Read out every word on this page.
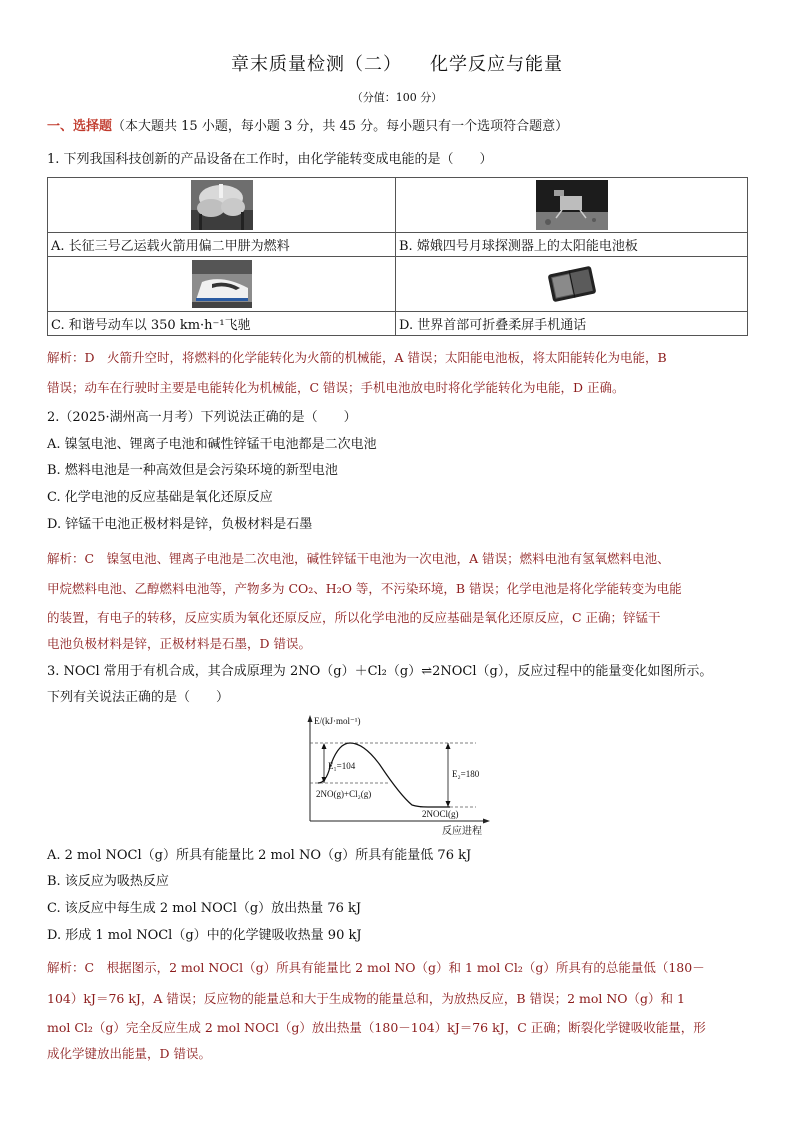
章末质量检测（二） 化学反应与能量
（分值：100 分）
一、选择题（本大题共 15 小题，每小题 3 分，共 45 分。每小题只有一个选项符合题意）
1. 下列我国科技创新的产品设备在工作时，由化学能转变成电能的是（　　）

A. 长征三号乙运载火箭用偏二甲肼为燃料	B. 嫦娥四号月球探测器上的太阳能电池板

C. 和谐号动车以 350 km·h⁻¹飞驰	D. 世界首部可折叠柔屏手机通话
解析：D　火箭升空时，将燃料的化学能转化为火箭的机械能，A 错误；太阳能电池板，将太阳能转化为电能，B
错误；动车在行驶时主要是电能转化为机械能，C 错误；手机电池放电时将化学能转化为电能，D 正确。
2.（2025·湖州高一月考）下列说法正确的是（　　）
A. 镍氢电池、锂离子电池和碱性锌锰干电池都是二次电池
B. 燃料电池是一种高效但是会污染环境的新型电池
C. 化学电池的反应基础是氧化还原反应
D. 锌锰干电池正极材料是锌，负极材料是石墨
解析：C　镍氢电池、锂离子电池是二次电池，碱性锌锰干电池为一次电池，A 错误；燃料电池有氢氧燃料电池、
甲烷燃料电池、乙醇燃料电池等，产物多为 CO₂、H₂O 等，不污染环境，B 错误；化学电池是将化学能转变为电能
的装置，有电子的转移，反应实质为氧化还原反应，所以化学电池的反应基础是氧化还原反应，C 正确；锌锰干
电池负极材料是锌，正极材料是石墨，D 错误。
3. NOCl 常用于有机合成，其合成原理为 2NO（g）＋Cl₂（g）⇌2NOCl（g），反应过程中的能量变化如图所示。
下列有关说法正确的是（　　）
E/(kJ·mol⁻¹)
反应进程
E₁=104
E₂=180
2NO(g)+Cl₂(g)
2NOCl(g)
A. 2 mol NOCl（g）所具有能量比 2 mol NO（g）所具有能量低 76 kJ
B. 该反应为吸热反应
C. 该反应中每生成 2 mol NOCl（g）放出热量 76 kJ
D. 形成 1 mol NOCl（g）中的化学键吸收热量 90 kJ
解析：C　根据图示，2 mol NOCl（g）所具有能量比 2 mol NO（g）和 1 mol Cl₂（g）所具有的总能量低（180－
104）kJ＝76 kJ，A 错误；反应物的能量总和大于生成物的能量总和，为放热反应，B 错误；2 mol NO（g）和 1
mol Cl₂（g）完全反应生成 2 mol NOCl（g）放出热量（180－104）kJ＝76 kJ，C 正确；断裂化学键吸收能量，形
成化学键放出能量，D 错误。
